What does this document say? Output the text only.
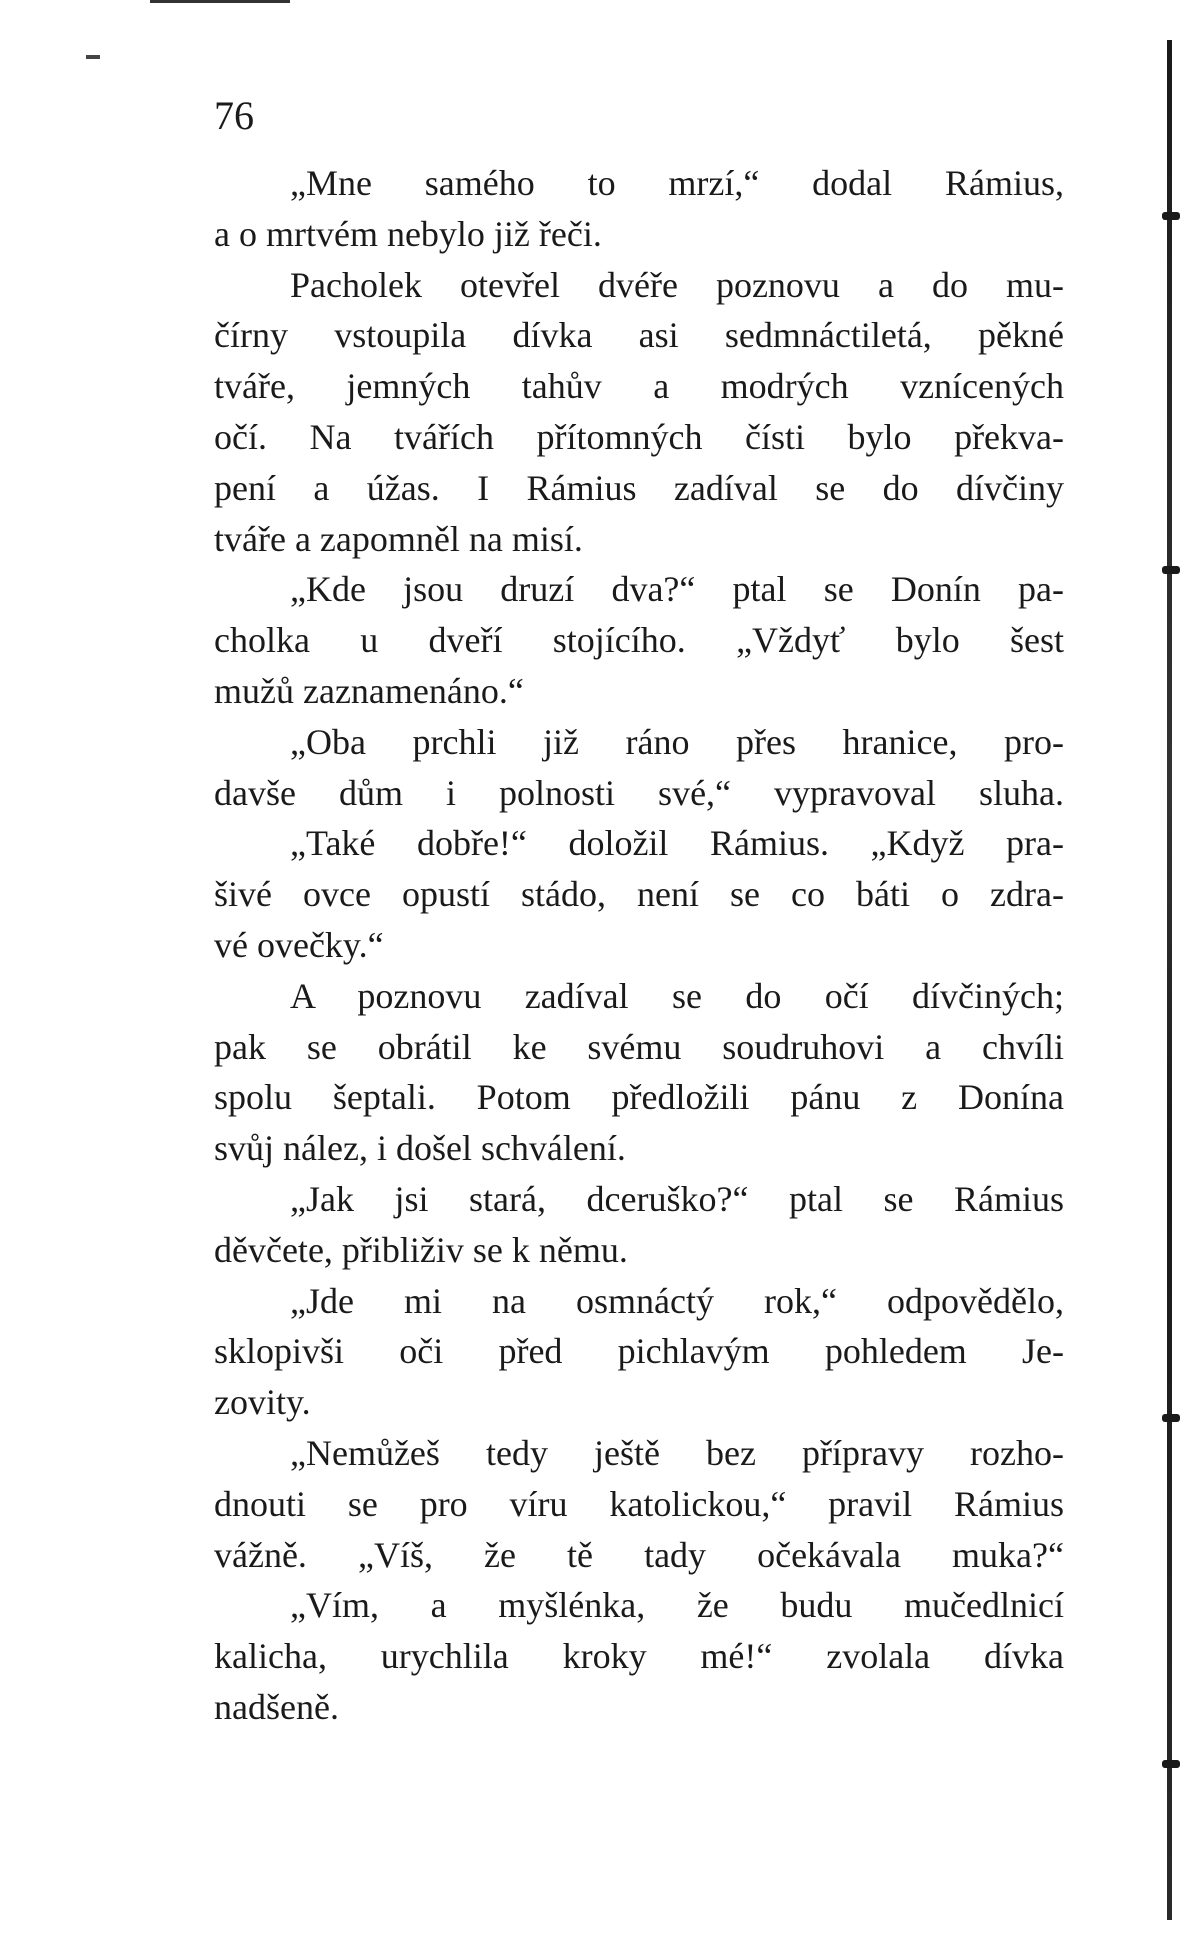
76
„Mne samého to mrzí,“ dodal Rámius,
a o mrtvém nebylo již řeči.
Pacholek otevřel dvéře poznovu a do mu-
čírny vstoupila dívka asi sedmnáctiletá, pěkné
tváře, jemných tahův a modrých vznícených
očí. Na tvářích přítomných čísti bylo překva-
pení a úžas. I Rámius zadíval se do dívčiny
tváře a zapomněl na misí.
„Kde jsou druzí dva?“ ptal se Donín pa-
cholka u dveří stojícího. „Vždyť bylo šest
mužů zaznamenáno.“
„Oba prchli již ráno přes hranice, pro-
davše dům i polnosti své,“ vypravoval sluha.
„Také dobře!“ doložil Rámius. „Když pra-
šivé ovce opustí stádo, není se co báti o zdra-
vé ovečky.“
A poznovu zadíval se do očí dívčiných;
pak se obrátil ke svému soudruhovi a chvíli
spolu šeptali. Potom předložili pánu z Donína
svůj nález, i došel schválení.
„Jak jsi stará, dceruško?“ ptal se Rámius
děvčete, přibliživ se k němu.
„Jde mi na osmnáctý rok,“ odpovědělo,
sklopivši oči před pichlavým pohledem Je-
zovity.
„Nemůžeš tedy ještě bez přípravy rozho-
dnouti se pro víru katolickou,“ pravil Rámius
vážně. „Víš, že tě tady očekávala muka?“
„Vím, a myšlénka, že budu mučedlnicí
kalicha, urychlila kroky mé!“ zvolala dívka
nadšeně.
